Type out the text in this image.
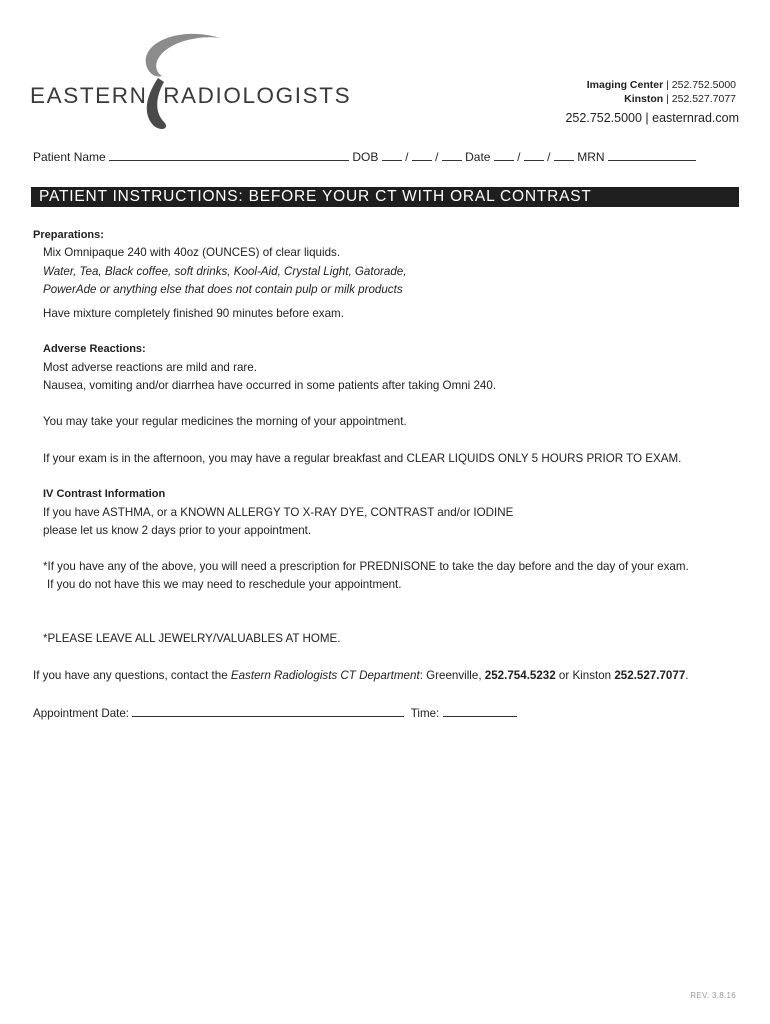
EASTERN RADIOLOGISTS	Imaging Center | 252.752.5000
Kinston | 252.527.7077
252.752.5000 | easternrad.com
Patient Name	DOB  /  /  Date  /  /  MRN
PATIENT INSTRUCTIONS: BEFORE YOUR CT WITH ORAL CONTRAST
Preparations:
Mix Omnipaque 240 with 40oz (OUNCES) of clear liquids.
Water, Tea, Black coffee, soft drinks, Kool-Aid, Crystal Light, Gatorade,
PowerAde or anything else that does not contain pulp or milk products
Have mixture completely finished 90 minutes before exam.
Adverse Reactions:
Most adverse reactions are mild and rare.
Nausea, vomiting and/or diarrhea have occurred in some patients after taking Omni 240.
You may take your regular medicines the morning of your appointment.
If your exam is in the afternoon, you may have a regular breakfast and CLEAR LIQUIDS ONLY 5 HOURS PRIOR TO EXAM.
IV Contrast Information
If you have ASTHMA, or a KNOWN ALLERGY TO X-RAY DYE, CONTRAST and/or IODINE
please let us know 2 days prior to your appointment.
*If you have any of the above, you will need a prescription for PREDNISONE to take the day before and the day of your exam.
If you do not have this we may need to reschedule your appointment.
*PLEASE LEAVE ALL JEWELRY/VALUABLES AT HOME.
If you have any questions, contact the Eastern Radiologists CT Department: Greenville, 252.754.5232 or Kinston 252.527.7077.
Appointment Date:	Time:
REV. 3.8.16
